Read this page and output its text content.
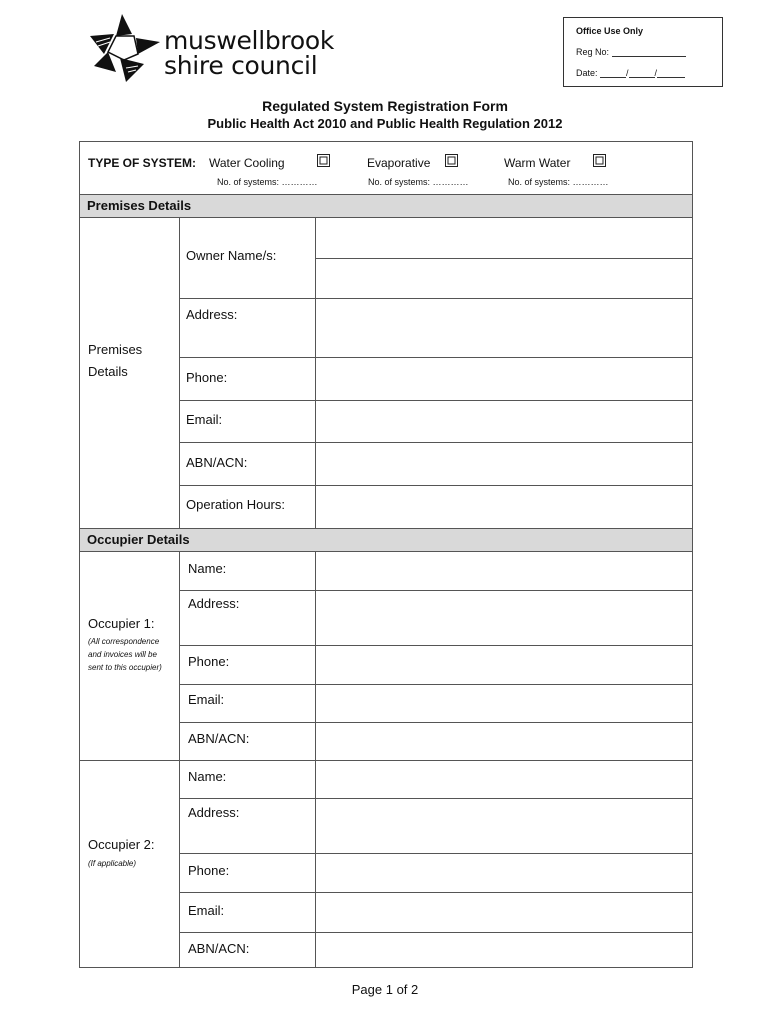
muswellbrook
shire council
Office Use Only
Reg No:
Date:	/	/
Regulated System Registration Form
Public Health Act 2010 and Public Health Regulation 2012
TYPE OF SYSTEM: Water Cooling
No. of systems: …………
Evaporative
No. of systems: …………
Warm Water
No. of systems: …………
Premises Details
Premises
Details
Owner Name/s:
Address:
Phone:
Email:
ABN/ACN:
Operation Hours:
Occupier Details
Occupier 1:
(All correspondence
and invoices will be
sent to this occupier)
Name:
Address:
Phone:
Email:
ABN/ACN:
Occupier 2:
(If applicable)
Name:
Address:
Phone:
Email:
ABN/ACN:
Page 1 of 2
